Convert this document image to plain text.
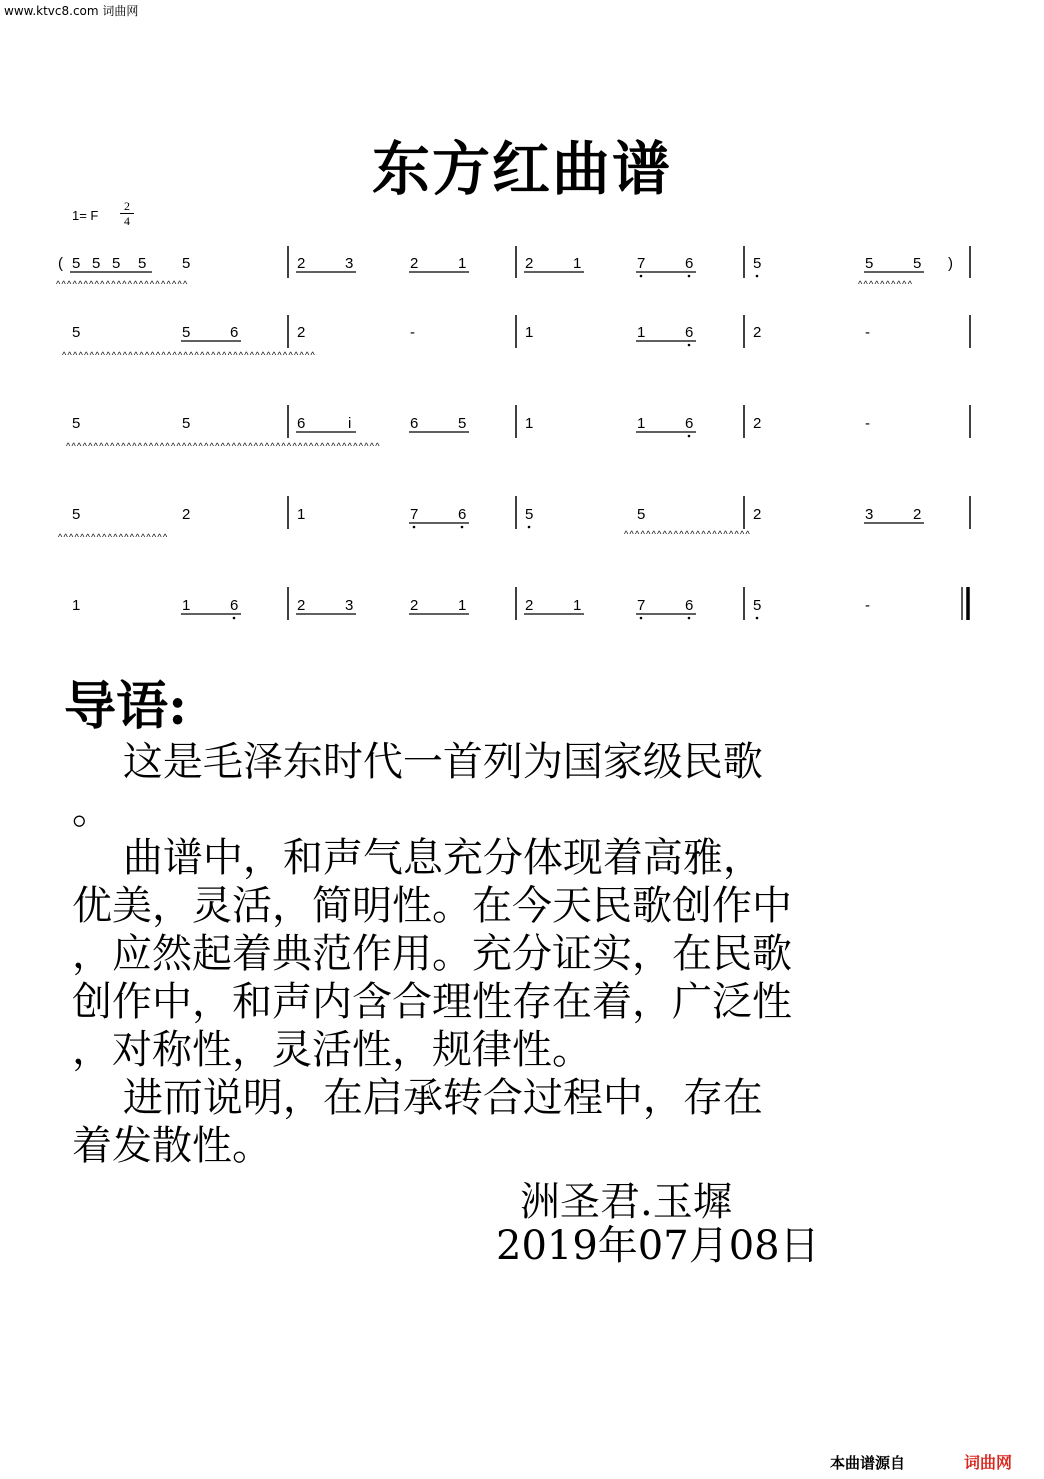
www.ktvc8.com 词曲网
东方红曲谱
1= F $\frac{2}{4}$
( 5 5 5 5 5	2	3	2	1	2	1	7	6	5	5	5 )
^^^^^^^^^^^^^^^^^^^^^^^^	^^^^^^^^^^
5	5	6	2	-	1	1	6	2	-
^^^^^^^^^^^^^^^^^^^^^^^^^^^^^^^^^^^^^^^^^^^^^^
5	5	6	i	6	5	1	1	6	2	-
^^^^^^^^^^^^^^^^^^^^^^^^^^^^^^^^^^^^^^^^^^^^^^^^^^^^^^^^^
5	2	1	7	6	5	5	2	3	2
^^^^^^^^^^^^^^^^^^^^	^^^^^^^^^^^^^^^^^^^^^^^
1	1	6	2	3	2	1	2	1	7	6	5	-
导语:
这是毛泽东时代一首列为国家级民歌
。
曲谱中，和声气息充分体现着高雅，
优美，灵活，简明性。在今天民歌创作中
，应然起着典范作用。充分证实，在民歌
创作中，和声内含合理性存在着，广泛性
，对称性，灵活性，规律性。
进而说明，在启承转合过程中，存在
着发散性。
洲圣君.玉墀
2019年07月08日
本曲谱源自	词曲网
